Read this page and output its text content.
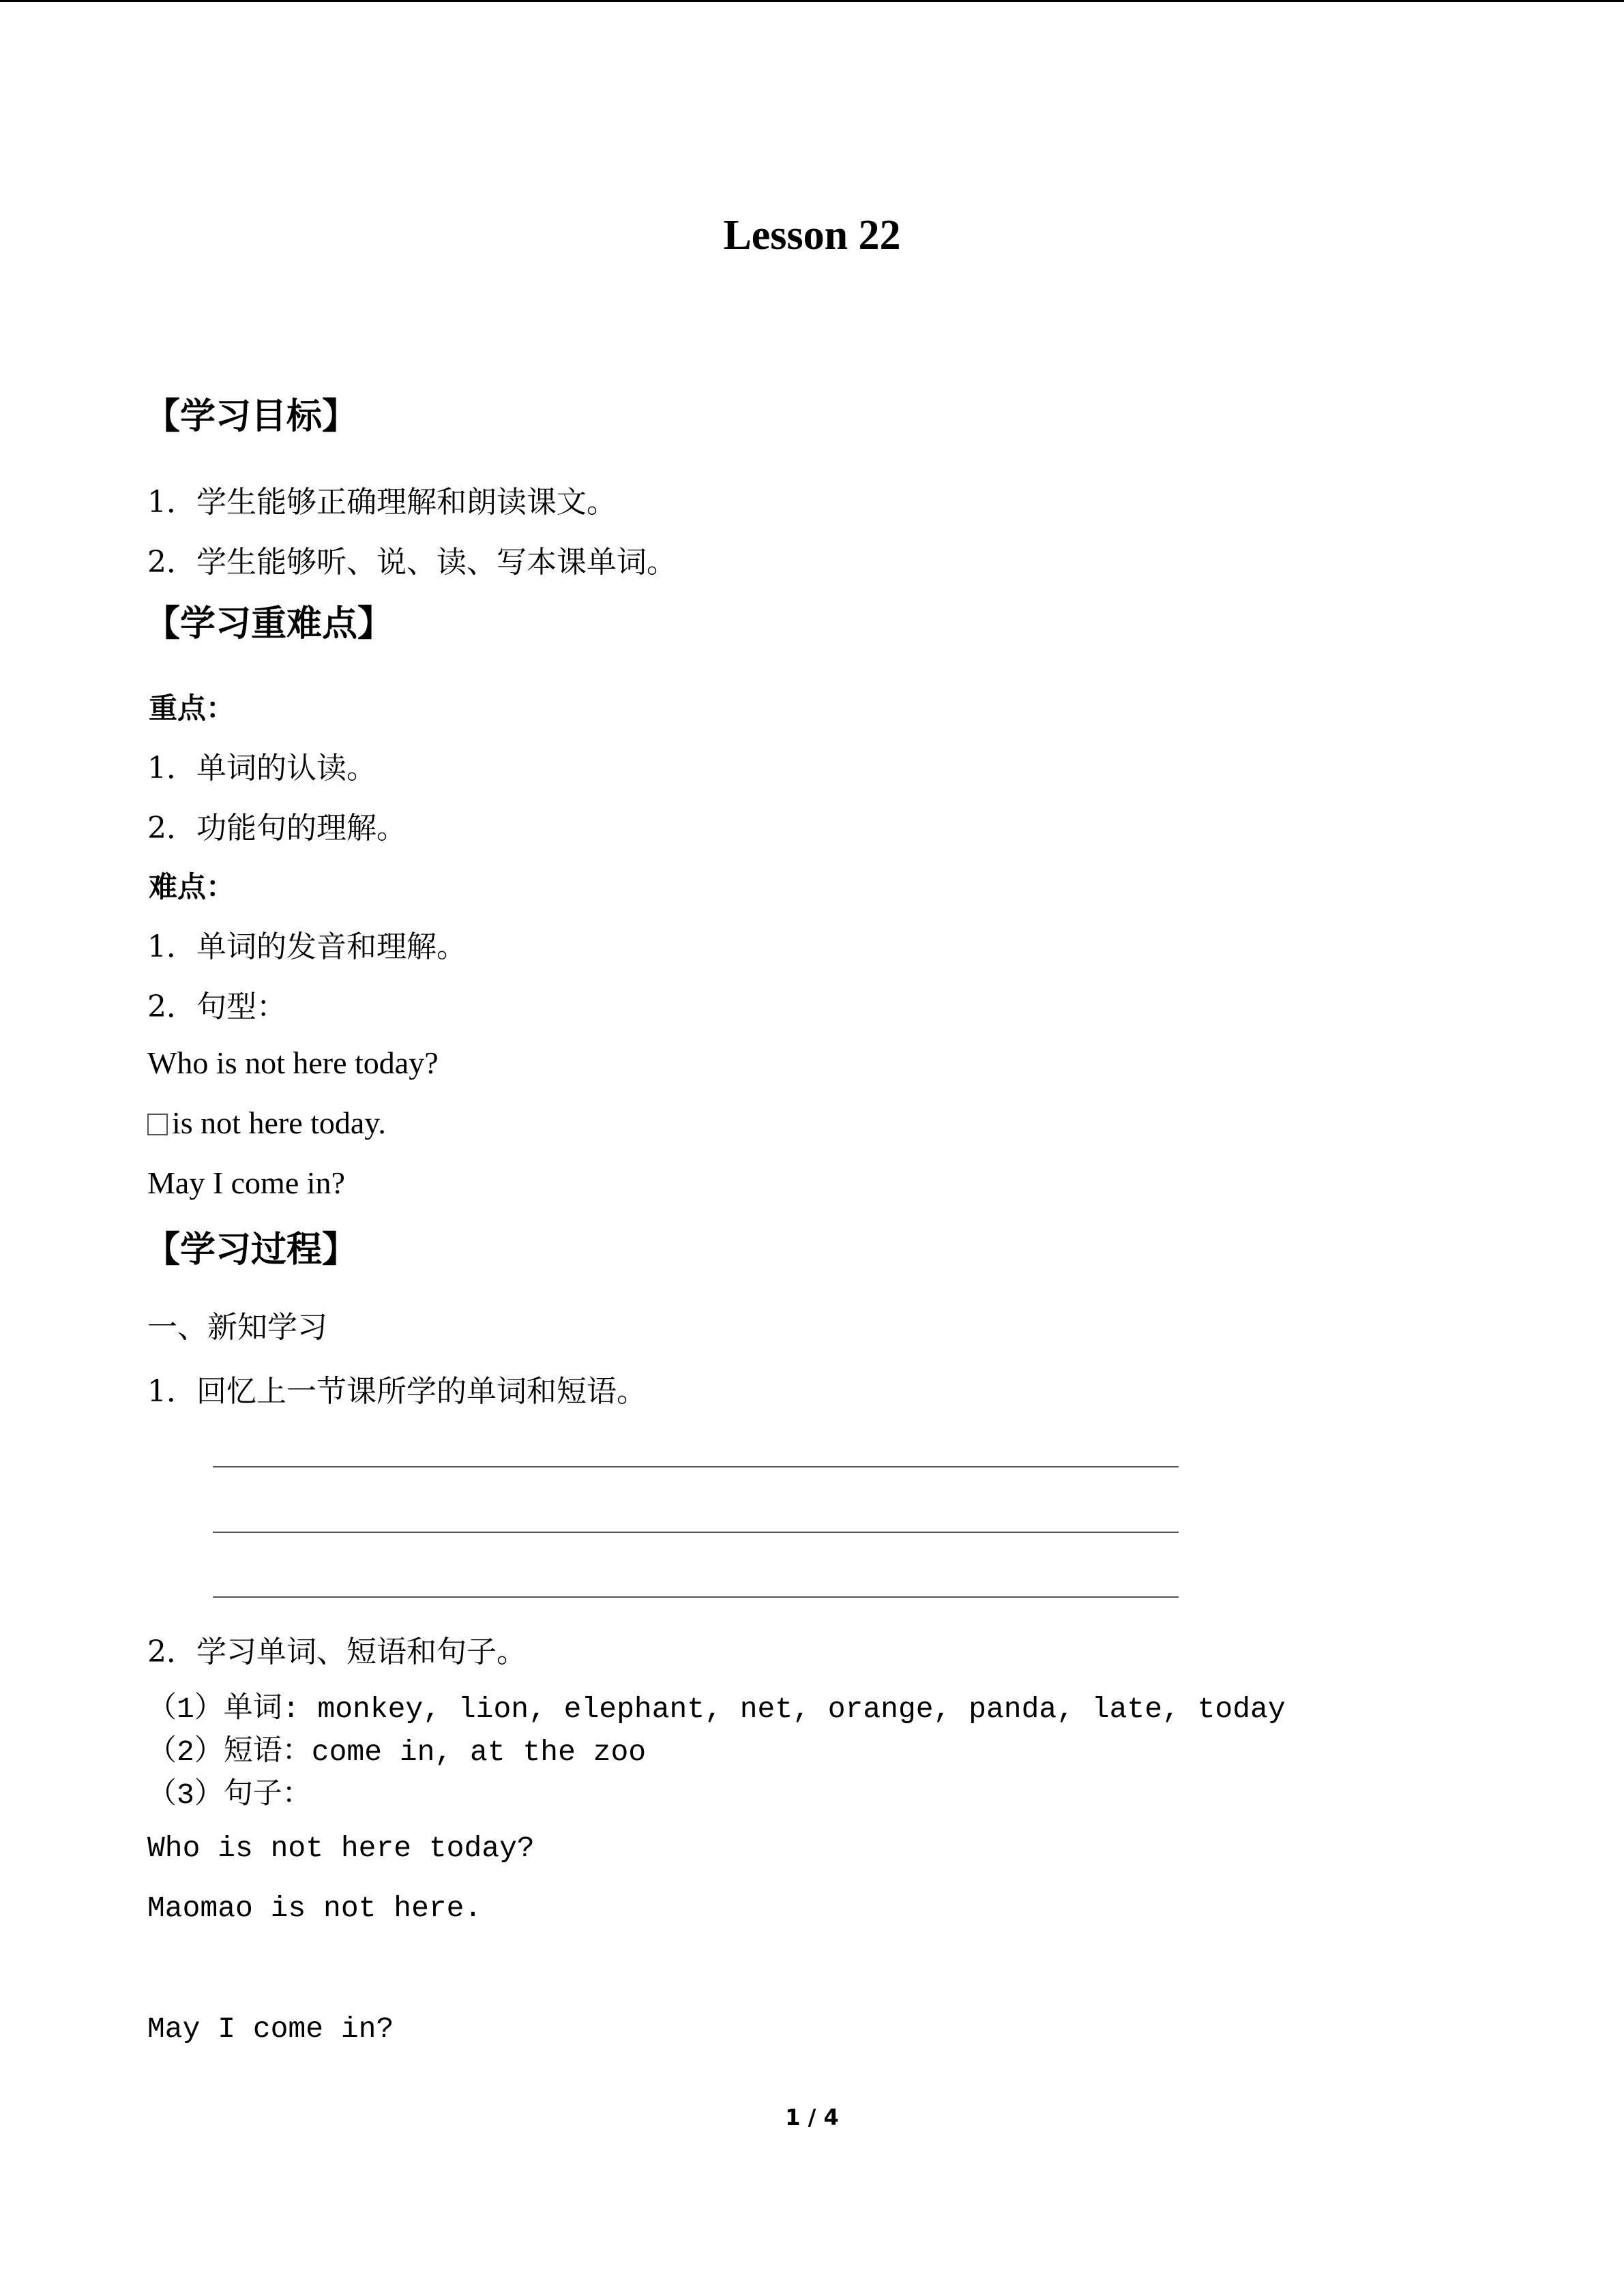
Lesson 22
【学习目标】
1．学生能够正确理解和朗读课文。
2．学生能够听、说、读、写本课单词。
【学习重难点】
重点：
1．单词的认读。
2．功能句的理解。
难点：
1．单词的发音和理解。
2．句型：
Who is not here today?
is not here today.
May I come in?
【学习过程】
一、新知学习
1．回忆上一节课所学的单词和短语。
2．学习单词、短语和句子。
（1）单词: monkey, lion, elephant, net, orange, panda, late, today
（2）短语：come in, at the zoo
（3）句子：
Who is not here today?
Maomao is not here.
May I come in?
1 / 4
